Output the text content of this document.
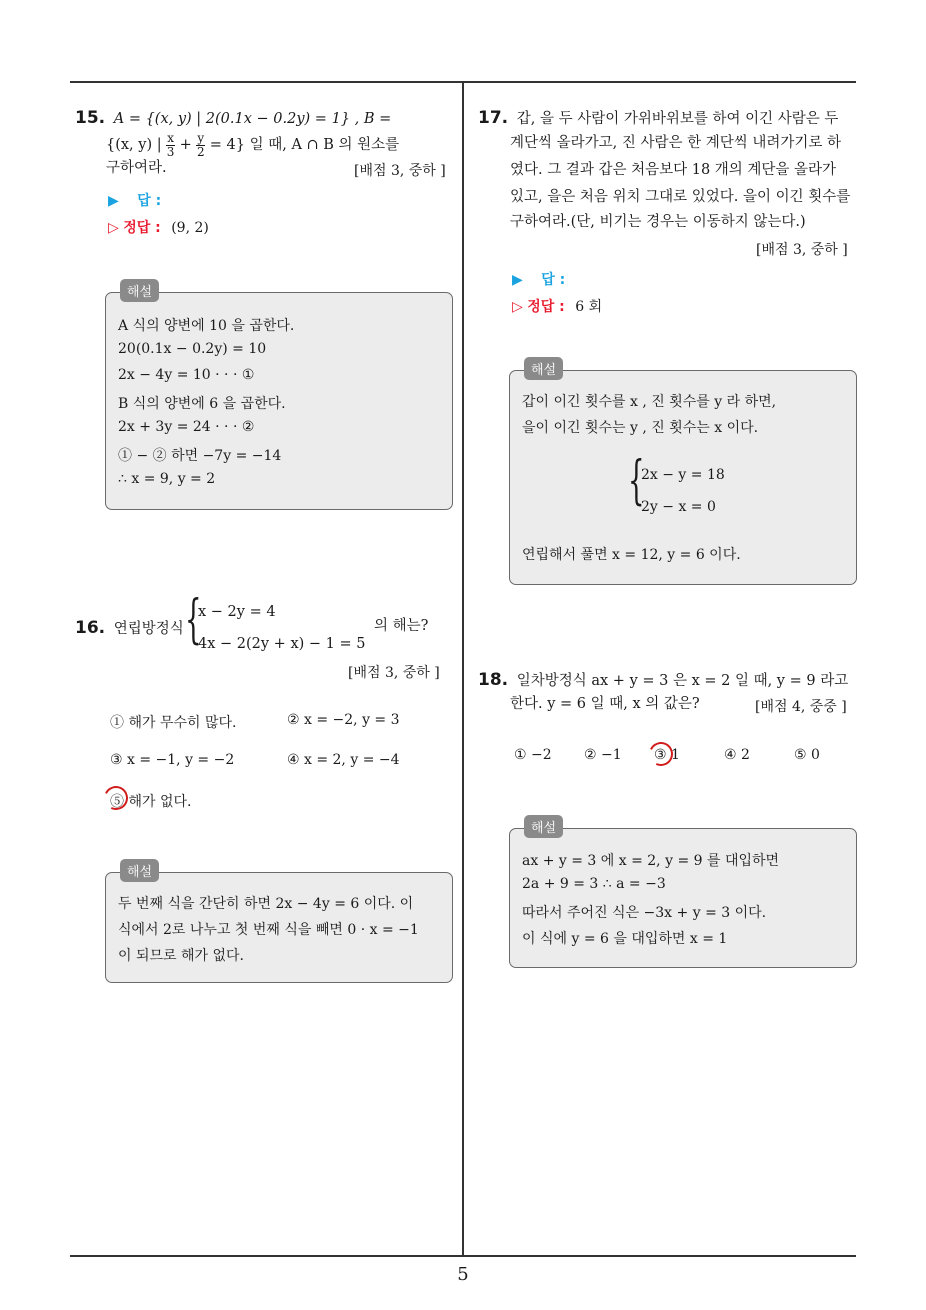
5
15. A = {(x, y) | 2(0.1x − 0.2y) = 1} , B =
{(x, y) | $\frac{x}{3} + \frac{y}{2} = 4$} 일 때, A ∩ B 의 원소를
구하여라.	[배점 3, 중하 ]
▶ 답 :
▷ 정답 : (9, 2)
해설
A 식의 양변에 10 을 곱한다.
20(0.1x − 0.2y) = 10
2x − 4y = 10 · · · ①
B 식의 양변에 6 을 곱한다.
2x + 3y = 24 · · · ②
① − ② 하면 −7y = −14
∴ x = 9, y = 2
16. 연립방정식 {
x − 2y = 4
4x − 2(2y + x) − 1 = 5
의 해는?
[배점 3, 중하 ]
① 해가 무수히 많다.	② x = −2, y = 3
③ x = −1, y = −2	④ x = 2, y = −4
⑤ 해가 없다.
해설
두 번째 식을 간단히 하면 2x − 4y = 6 이다. 이
식에서 2로 나누고 첫 번째 식을 빼면 0 · x = −1
이 되므로 해가 없다.
17. 갑, 을 두 사람이 가위바위보를 하여 이긴 사람은 두
계단씩 올라가고, 진 사람은 한 계단씩 내려가기로 하
였다. 그 결과 갑은 처음보다 18 개의 계단을 올라가
있고, 을은 처음 위치 그대로 있었다. 을이 이긴 횟수를
구하여라.(단, 비기는 경우는 이동하지 않는다.)
[배점 3, 중하 ]
▶ 답 :
▷ 정답 : 6 회
해설
갑이 이긴 횟수를 x , 진 횟수를 y 라 하면,
을이 이긴 횟수는 y , 진 횟수는 x 이다.
{
2x − y = 18
2y − x = 0
연립해서 풀면 x = 12, y = 6 이다.
18. 일차방정식 ax + y = 3 은 x = 2 일 때, y = 9 라고
한다. y = 6 일 때, x 의 값은?	[배점 4, 중중 ]
① −2 ② −1 ③ 1	④ 2	⑤ 0
해설
ax + y = 3 에 x = 2, y = 9 를 대입하면
2a + 9 = 3 ∴ a = −3
따라서 주어진 식은 −3x + y = 3 이다.
이 식에 y = 6 을 대입하면 x = 1
